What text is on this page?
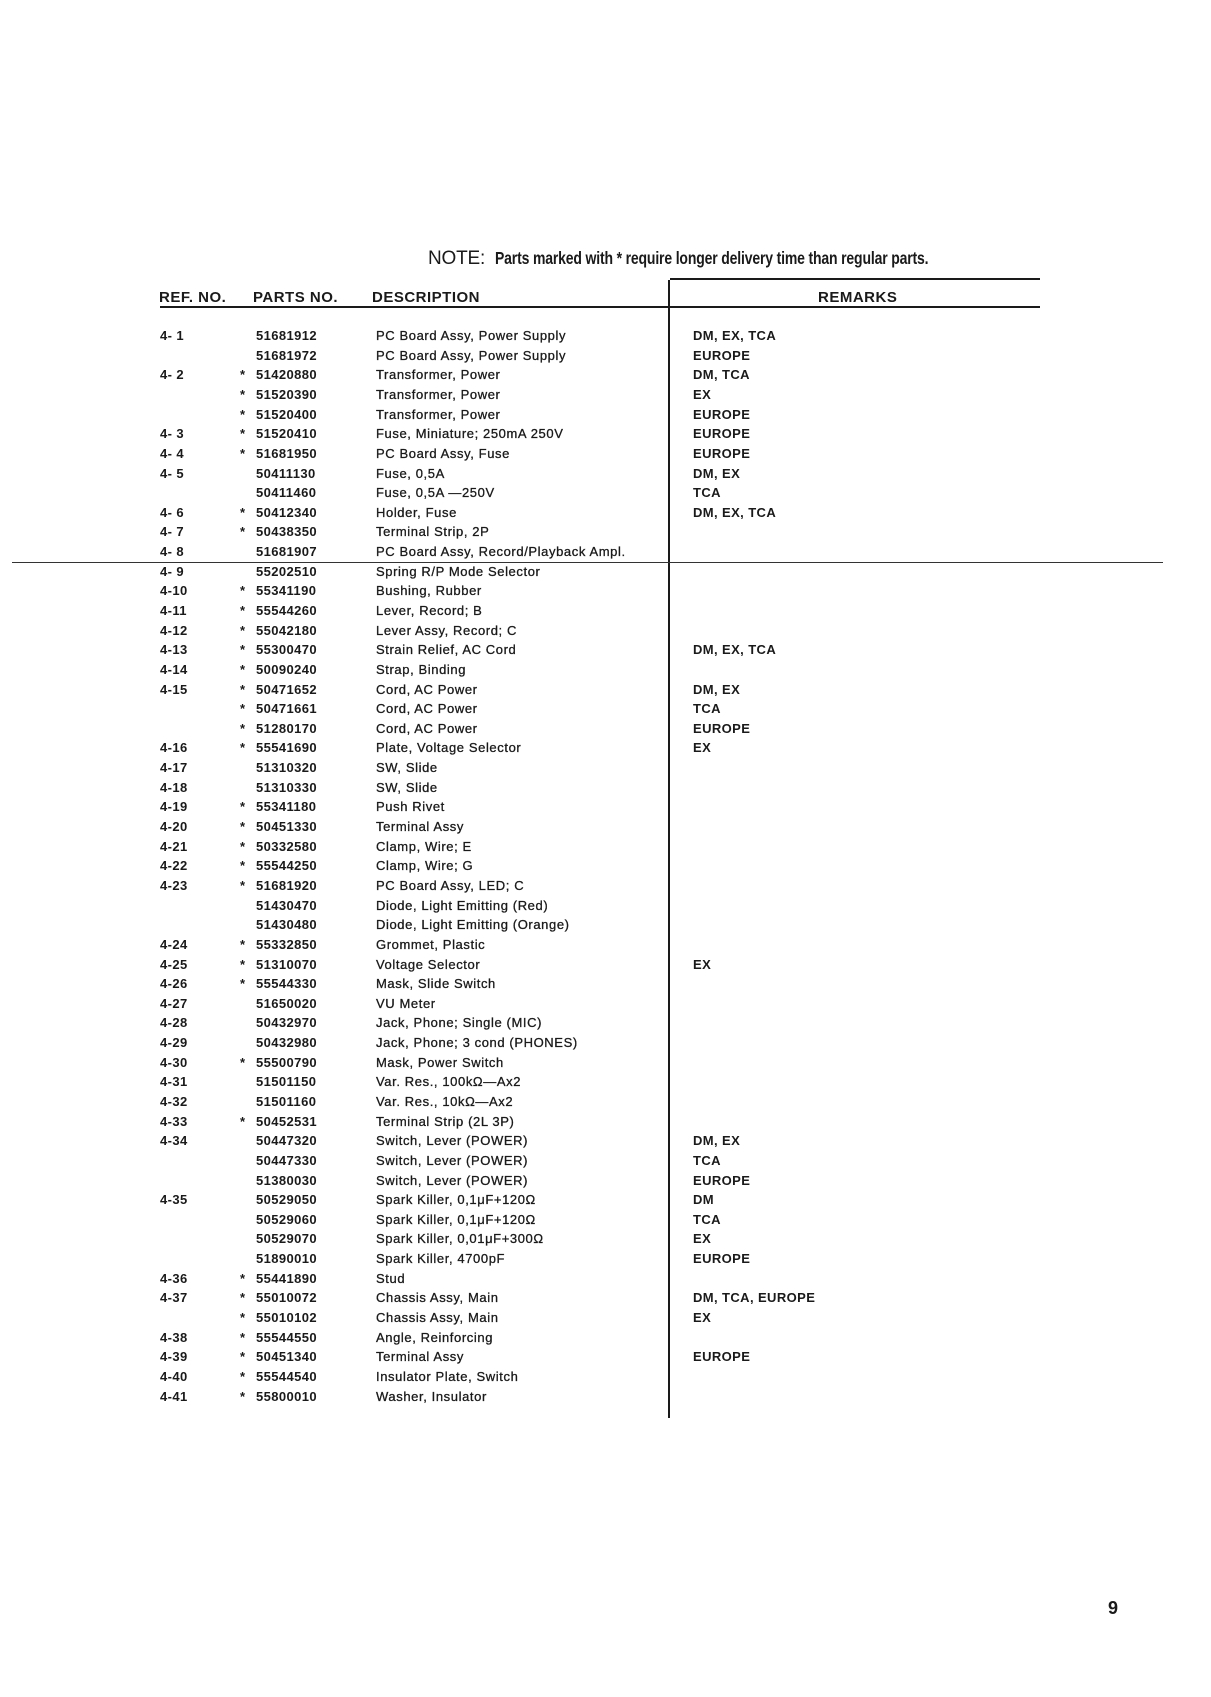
NOTE: Parts marked with * require longer delivery time than regular parts.
REF. NO. PARTS NO. DESCRIPTION	REMARKS
4- 1	51681912	PC Board Assy, Power Supply	DM, EX, TCA
51681972	PC Board Assy, Power Supply	EUROPE
4- 2	* 51420880	Transformer, Power	DM, TCA
* 51520390	Transformer, Power	EX
* 51520400	Transformer, Power	EUROPE
4- 3	* 51520410	Fuse, Miniature; 250mA 250V	EUROPE
4- 4	* 51681950	PC Board Assy, Fuse	EUROPE
4- 5	50411130	Fuse, 0,5A	DM, EX
50411460	Fuse, 0,5A —250V	TCA
4- 6	* 50412340	Holder, Fuse	DM, EX, TCA
4- 7	* 50438350	Terminal Strip, 2P
4- 8	51681907	PC Board Assy, Record/Playback Ampl.
4- 9	55202510	Spring R/P Mode Selector
4-10	* 55341190	Bushing, Rubber
4-11	* 55544260	Lever, Record; B
4-12	* 55042180	Lever Assy, Record; C
4-13	* 55300470	Strain Relief, AC Cord	DM, EX, TCA
4-14	* 50090240	Strap, Binding
4-15	* 50471652	Cord, AC Power	DM, EX
* 50471661	Cord, AC Power	TCA
* 51280170	Cord, AC Power	EUROPE
4-16	* 55541690	Plate, Voltage Selector	EX
4-17	51310320	SW, Slide
4-18	51310330	SW, Slide
4-19	* 55341180	Push Rivet
4-20	* 50451330	Terminal Assy
4-21	* 50332580	Clamp, Wire; E
4-22	* 55544250	Clamp, Wire; G
4-23	* 51681920	PC Board Assy, LED; C
51430470	Diode, Light Emitting (Red)
51430480	Diode, Light Emitting (Orange)
4-24	* 55332850	Grommet, Plastic
4-25	* 51310070	Voltage Selector	EX
4-26	* 55544330	Mask, Slide Switch
4-27	51650020	VU Meter
4-28	50432970	Jack, Phone; Single (MIC)
4-29	50432980	Jack, Phone; 3 cond (PHONES)
4-30	* 55500790	Mask, Power Switch
4-31	51501150	Var. Res., 100kΩ—Ax2
4-32	51501160	Var. Res., 10kΩ—Ax2
4-33	* 50452531	Terminal Strip (2L 3P)
4-34	50447320	Switch, Lever (POWER)	DM, EX
50447330	Switch, Lever (POWER)	TCA
51380030	Switch, Lever (POWER)	EUROPE
4-35	50529050	Spark Killer, 0,1μF+120Ω	DM
50529060	Spark Killer, 0,1μF+120Ω	TCA
50529070	Spark Killer, 0,01μF+300Ω	EX
51890010	Spark Killer, 4700pF	EUROPE
4-36	* 55441890	Stud
4-37	* 55010072	Chassis Assy, Main	DM, TCA, EUROPE
* 55010102	Chassis Assy, Main	EX
4-38	* 55544550	Angle, Reinforcing
4-39	* 50451340	Terminal Assy	EUROPE
4-40	* 55544540	Insulator Plate, Switch
4-41	* 55800010	Washer, Insulator
9
